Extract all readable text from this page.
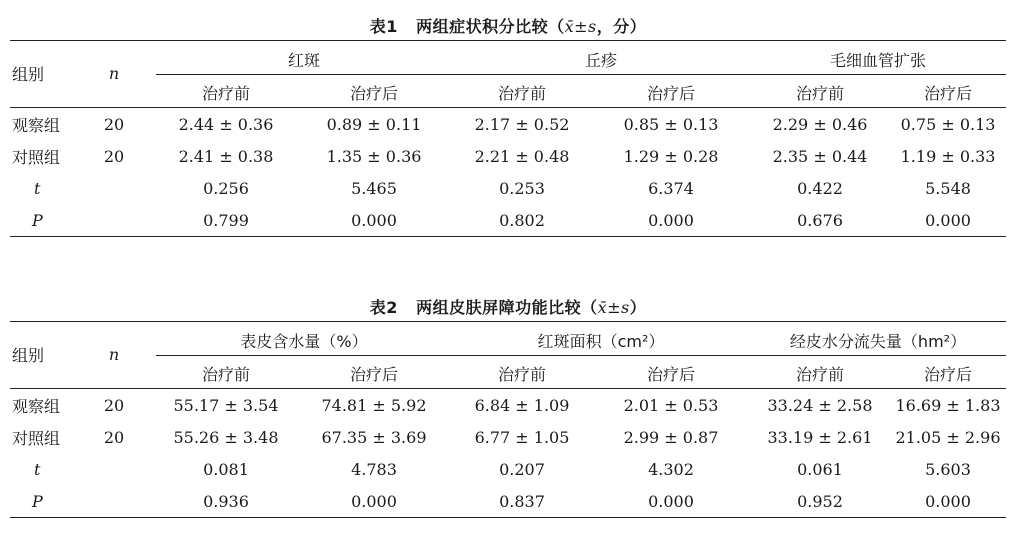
表1 两组症状积分比较（x̄±s，分）
组别	n	红斑		丘疹		毛细血管扩张	
		治疗前	治疗后	治疗前	治疗后	治疗前	治疗后
观察组	20	2.44 ± 0.36	0.89 ± 0.11	2.17 ± 0.52	0.85 ± 0.13	2.29 ± 0.46	0.75 ± 0.13
对照组	20	2.41 ± 0.38	1.35 ± 0.36	2.21 ± 0.48	1.29 ± 0.28	2.35 ± 0.44	1.19 ± 0.33
t		0.256	5.465	0.253	6.374	0.422	5.548
P		0.799	0.000	0.802	0.000	0.676	0.000
表2 两组皮肤屏障功能比较（x̄±s）
组别	n	表皮含水量（%）		红斑面积（cm²）		经皮水分流失量（hm²）	
		治疗前	治疗后	治疗前	治疗后	治疗前	治疗后
观察组	20	55.17 ± 3.54	74.81 ± 5.92	6.84 ± 1.09	2.01 ± 0.53	33.24 ± 2.58	16.69 ± 1.83
对照组	20	55.26 ± 3.48	67.35 ± 3.69	6.77 ± 1.05	2.99 ± 0.87	33.19 ± 2.61	21.05 ± 2.96
t		0.081	4.783	0.207	4.302	0.061	5.603
P		0.936	0.000	0.837	0.000	0.952	0.000
